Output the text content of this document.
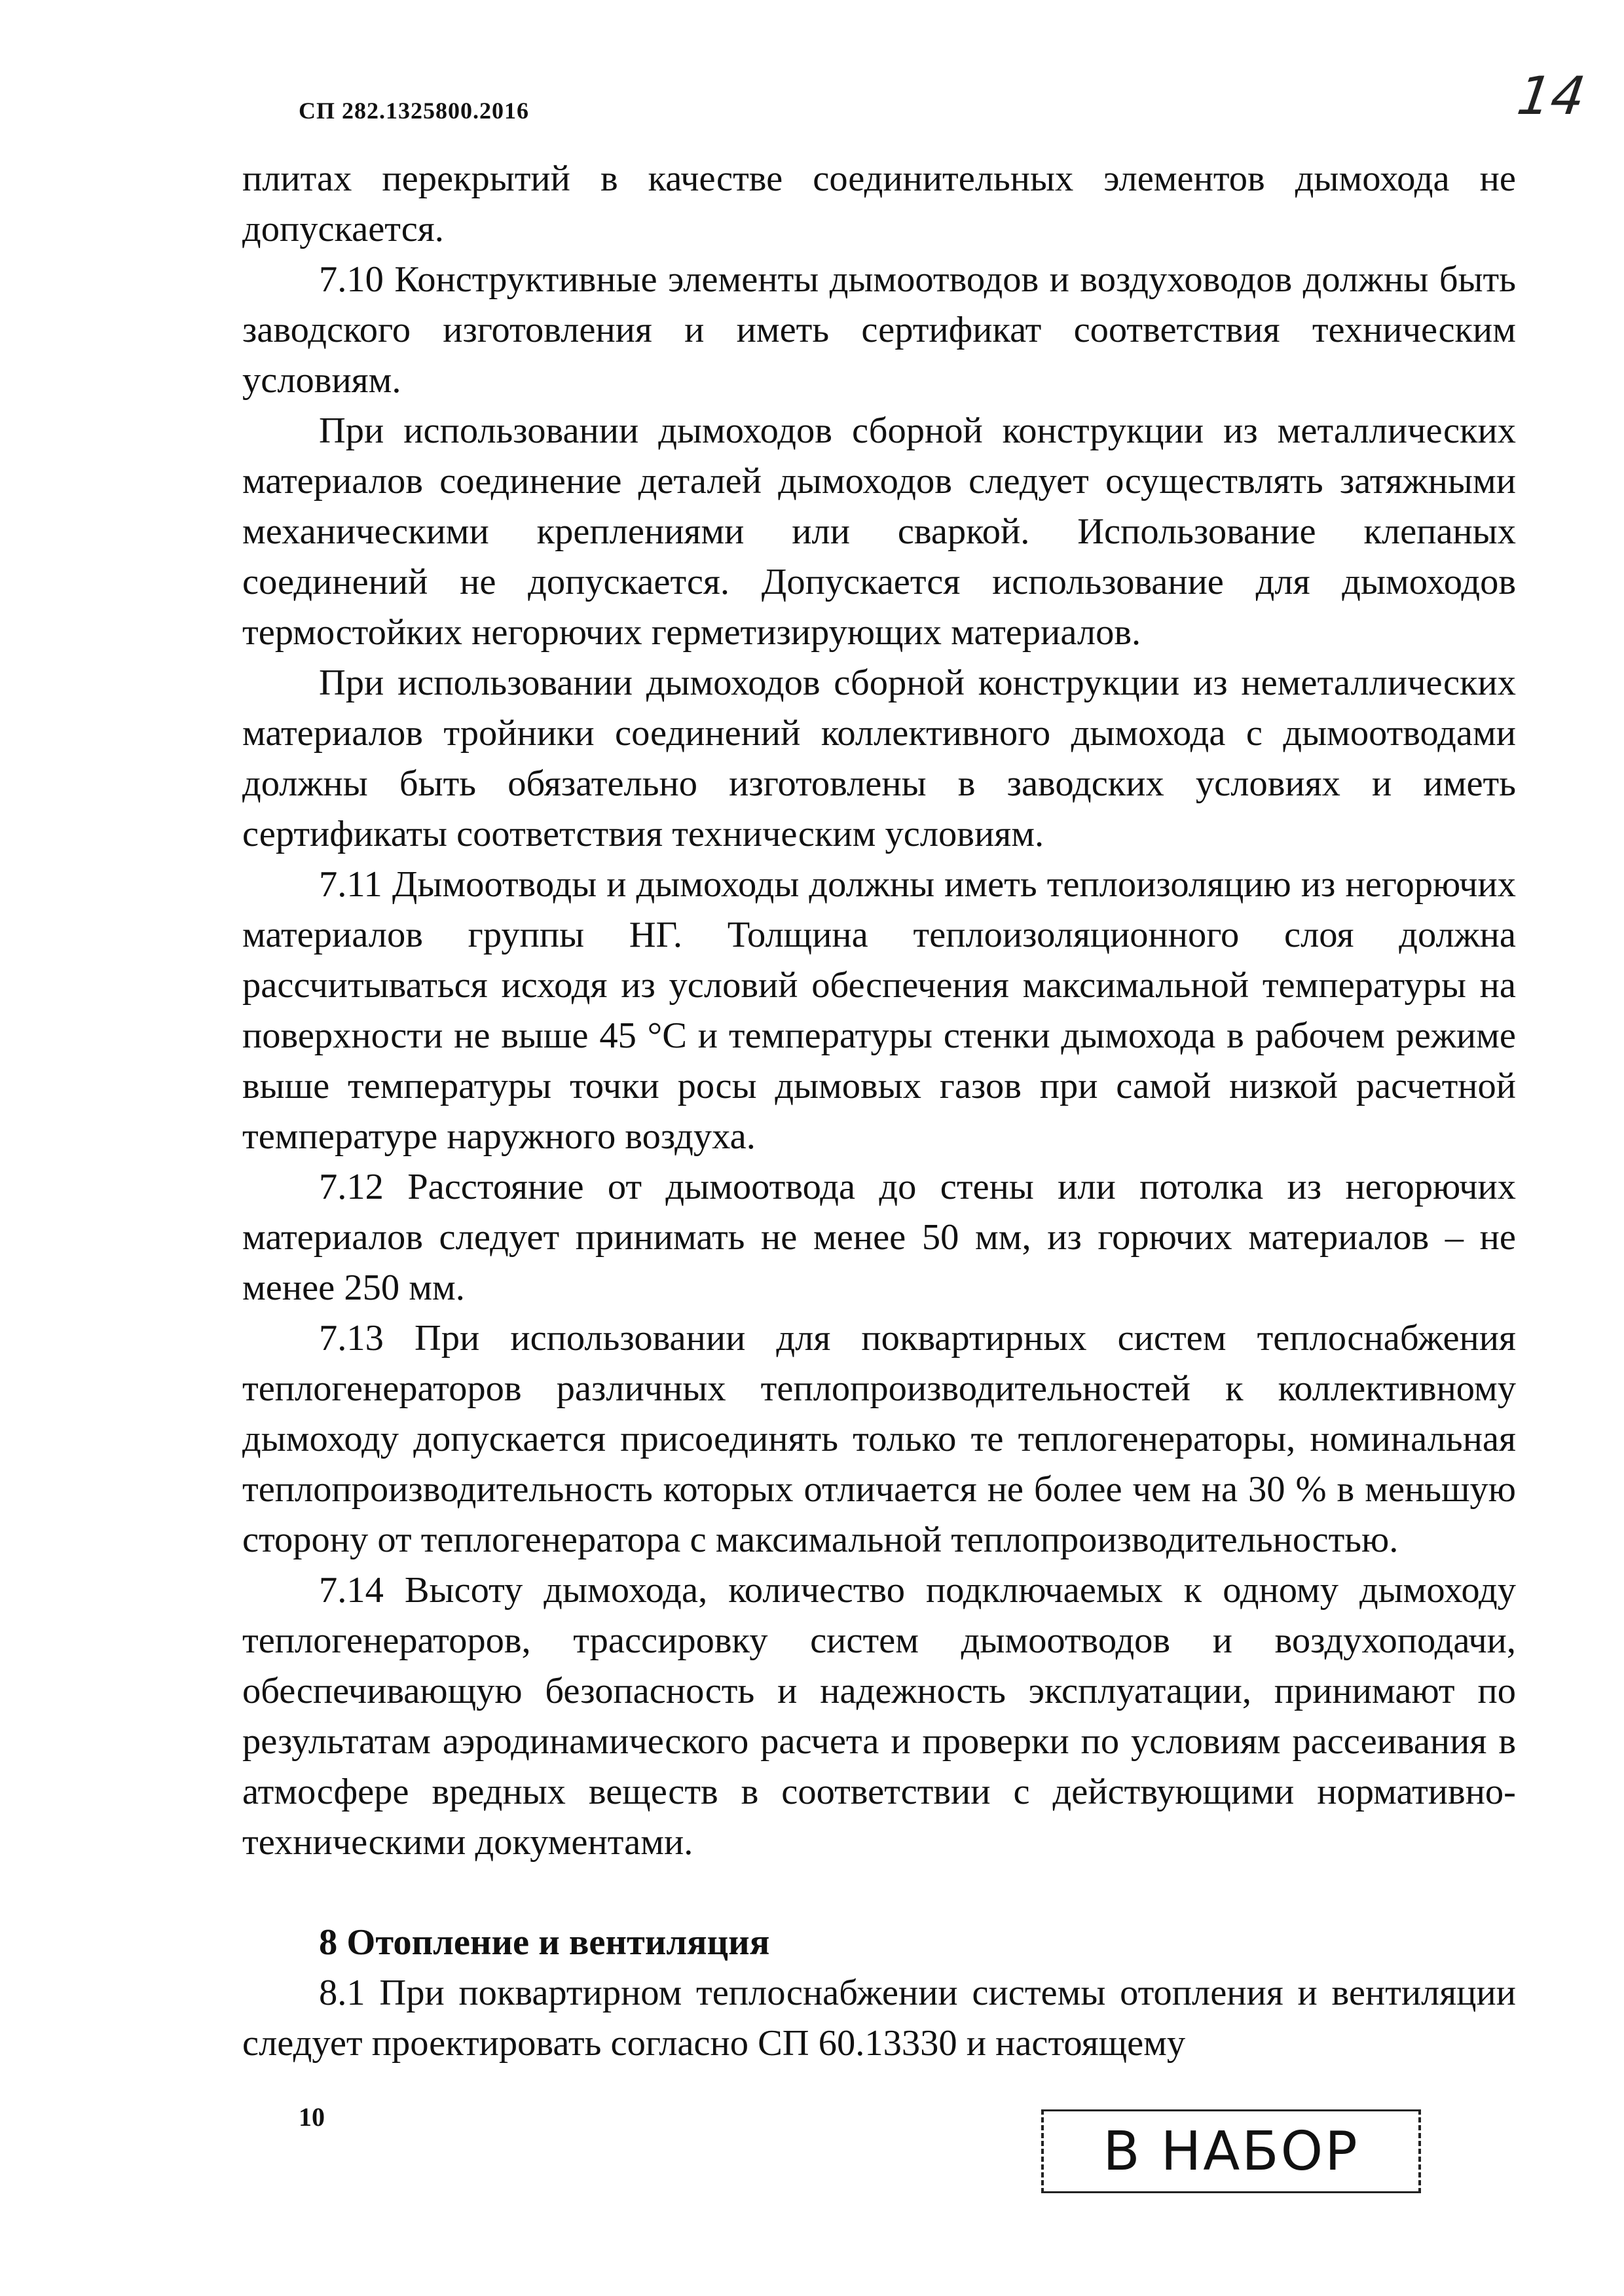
СП 282.1325800.2016	14

плитах перекрытий в качестве соединительных элементов дымохода не допускается.

7.10 Конструктивные элементы дымоотводов и воздуховодов должны быть заводского изготовления и иметь сертификат соответствия техническим условиям.

При использовании дымоходов сборной конструкции из металлических материалов соединение деталей дымоходов следует осуществлять затяжными механическими креплениями или сваркой. Использование клепаных соединений не допускается. Допускается использование для дымоходов термостойких негорючих герметизирующих материалов.

При использовании дымоходов сборной конструкции из неметаллических материалов тройники соединений коллективного дымохода с дымоотводами должны быть обязательно изготовлены в заводских условиях и иметь сертификаты соответствия техническим условиям.

7.11 Дымоотводы и дымоходы должны иметь теплоизоляцию из негорючих материалов группы НГ. Толщина теплоизоляционного слоя должна рассчитываться исходя из условий обеспечения максимальной температуры на поверхности не выше 45 °С и температуры стенки дымохода в рабочем режиме выше температуры точки росы дымовых газов при самой низкой расчетной температуре наружного воздуха.

7.12 Расстояние от дымоотвода до стены или потолка из негорючих материалов следует принимать не менее 50 мм, из горючих материалов – не менее 250 мм.

7.13 При использовании для поквартирных систем теплоснабжения теплогенераторов различных теплопроизводительностей к коллективному дымоходу допускается присоединять только те теплогенераторы, номинальная теплопроизводительность которых отличается не более чем на 30 % в меньшую сторону от теплогенератора с максимальной теплопроизводительностью.

7.14 Высоту дымохода, количество подключаемых к одному дымоходу теплогенераторов, трассировку систем дымоотводов и воздухоподачи, обеспечивающую безопасность и надежность эксплуатации, принимают по результатам аэродинамического расчета и проверки по условиям рассеивания в атмосфере вредных веществ в соответствии с действующими нормативно-техническими документами.

8 Отопление и вентиляция

8.1 При поквартирном теплоснабжении системы отопления и вентиляции следует проектировать согласно СП 60.13330 и настоящему

10
В НАБОР
